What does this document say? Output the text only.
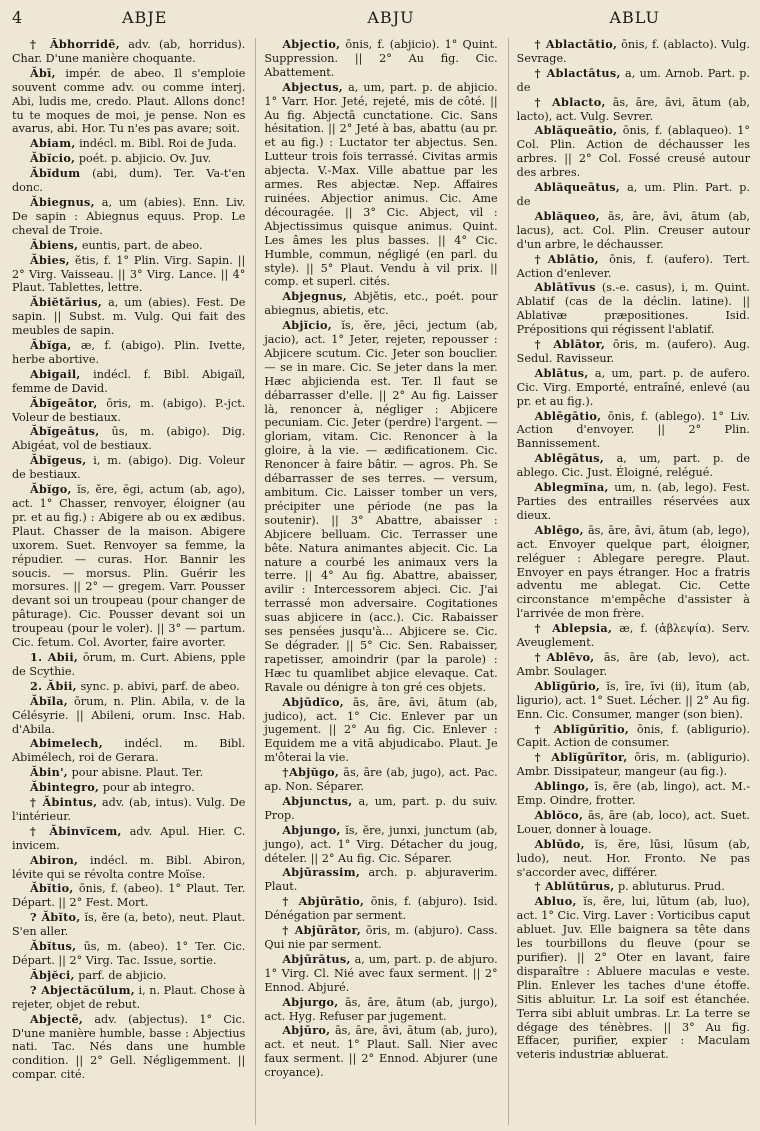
4	ABJE	ABJU	ABLU

† Ăbhorridē, adv. (ab, horridus). Char. D'une manière choquante.

Ăbī, impér. de abeo. Il s'emploie souvent comme adv. ou comme interj. Abi, ludis me, credo. Plaut. Allons donc! tu te moques de moi, je pense. Non es avarus, abi. Hor. Tu n'es pas avare; soit.

Abiam, indécl. m. Bibl. Roi de Juda.

Ăbĭcio, poét. p. abjicio. Ov. Juv.

Ăbĭdum (abi, dum). Ter. Va-t'en donc.

Ăbiegnus, a, um (abies). Enn. Liv. De sapin : Abiegnus equus. Prop. Le cheval de Troie.

Ăbiens, euntis, part. de abeo.

Ăbies, ĕtis, f. 1° Plin. Virg. Sapin. || 2° Virg. Vaisseau. || 3° Virg. Lance. || 4° Plaut. Tablettes, lettre.

Ăbiĕtārius, a, um (abies). Fest. De sapin. || Subst. m. Vulg. Qui fait des meubles de sapin.

Ăbĭga, æ, f. (abigo). Plin. Ivette, herbe abortive.

Abigail, indécl. f. Bibl. Abigaïl, femme de David.

Ăbĭgeātor, ōris, m. (abigo). P.-jct. Voleur de bestiaux.

Ăbĭgeātus, ūs, m. (abigo). Dig. Abigéat, vol de bestiaux.

Ăbĭgeus, i, m. (abigo). Dig. Voleur de bestiaux.

Ăbĭgo, ĭs, ĕre, ēgi, actum (ab, ago), act. 1° Chasser, renvoyer, éloigner (au pr. et au fig.) : Abigere ab ou ex ædibus. Plaut. Chasser de la maison. Abigere uxorem. Suet. Renvoyer sa femme, la répudier. — curas. Hor. Bannir les soucis. — morsus. Plin. Guérir les morsures. || 2° — gregem. Varr. Pousser devant soi un troupeau (pour changer de pâturage). Cic. Pousser devant soi un troupeau (pour le voler). || 3° — partum. Cic. fetum. Col. Avorter, faire avorter.

1. Abii, ōrum, m. Curt. Abiens, pple de Scythie.

2. Ăbii, sync. p. abivi, parf. de abeo.

Ăbĭla, ōrum, n. Plin. Abila, v. de la Célésyrie. || Abileni, orum. Insc. Hab. d'Abila.

Abimelech, indécl. m. Bibl. Abimélech, roi de Gerara.

Ăbin', pour abisne. Plaut. Ter.

Ăbintegro, pour ab integro.

† Ăbintus, adv. (ab, intus). Vulg. De l'intérieur.

† Ăbinvĭcem, adv. Apul. Hier. C. invicem.

Abiron, indécl. m. Bibl. Abiron, lévite qui se révolta contre Moïse.

Ăbĭtio, ōnis, f. (abeo). 1° Plaut. Ter. Départ. || 2° Fest. Mort.

? Ăbĭto, ĭs, ĕre (a, beto), neut. Plaut. S'en aller.

Ăbĭtus, ūs, m. (abeo). 1° Ter. Cic. Départ. || 2° Virg. Tac. Issue, sortie.

Ăbjĕci, parf. de abjicio.

? Abjectăcŭlum, i, n. Plaut. Chose à rejeter, objet de rebut.

Abjectē, adv. (abjectus). 1° Cic. D'une manière humble, basse : Abjectius nati. Tac. Nés dans une humble condition. || 2° Gell. Négligemment. || compar. cité.

Abjectio, ōnis, f. (abjicio). 1° Quint. Suppression. || 2° Au fig. Cic. Abattement.

Abjectus, a, um, part. p. de abjicio. 1° Varr. Hor. Jeté, rejeté, mis de côté. || Au fig. Abjectā cunctatione. Cic. Sans hésitation. || 2° Jeté à bas, abattu (au pr. et au fig.) : Luctator ter abjectus. Sen. Lutteur trois fois terrassé. Civitas armis abjecta. V.-Max. Ville abattue par les armes. Res abjectæ. Nep. Affaires ruinées. Abjectior animus. Cic. Ame découragée. || 3° Cic. Abject, vil : Abjectissimus quisque animus. Quint. Les âmes les plus basses. || 4° Cic. Humble, commun, négligé (en parl. du style). || 5° Plaut. Vendu à vil prix. || comp. et superl. cités.

Abjegnus, Abjĕtis, etc., poét. pour abiegnus, abietis, etc.

Abjĭcio, ĭs, ĕre, jēci, jectum (ab, jacio), act. 1° Jeter, rejeter, repousser : Abjicere scutum. Cic. Jeter son bouclier. — se in mare. Cic. Se jeter dans la mer. Hæc abjicienda est. Ter. Il faut se débarrasser d'elle. || 2° Au fig. Laisser là, renoncer à, négliger : Abjicere pecuniam. Cic. Jeter (perdre) l'argent. — gloriam, vitam. Cic. Renoncer à la gloire, à la vie. — ædificationem. Cic. Renoncer à faire bâtir. — agros. Ph. Se débarrasser de ses terres. — versum, ambitum. Cic. Laisser tomber un vers, précipiter une période (ne pas la soutenir). || 3° Abattre, abaisser : Abjicere belluam. Cic. Terrasser une bête. Natura animantes abjecit. Cic. La nature a courbé les animaux vers la terre. || 4° Au fig. Abattre, abaisser, avilir : Intercessorem abjeci. Cic. J'ai terrassé mon adversaire. Cogitationes suas abjicere in (acc.). Cic. Rabaisser ses pensées jusqu'à... Abjicere se. Cic. Se dégrader. || 5° Cic. Sen. Rabaisser, rapetisser, amoindrir (par la parole) : Hæc tu quamlibet abjice elevaque. Cat. Ravale ou dénigre à ton gré ces objets.

Abjūdĭco, ās, āre, āvi, ātum (ab, judico), act. 1° Cic. Enlever par un jugement. || 2° Au fig. Cic. Enlever : Equidem me a vitā abjudicabo. Plaut. Je m'ôterai la vie.

†Abjŭgo, ās, āre (ab, jugo), act. Pac. ap. Non. Séparer.

Abjunctus, a, um, part. p. du suiv. Prop.

Abjungo, ĭs, ĕre, junxi, junctum (ab, jungo), act. 1° Virg. Détacher du joug, dételer. || 2° Au fig. Cic. Séparer.

Abjūrassim, arch. p. abjuraverim. Plaut.

† Abjūrātio, ōnis, f. (abjuro). Isid. Dénégation par serment.

† Abjūrātor, ōris, m. (abjuro). Cass. Qui nie par serment.

Abjūrātus, a, um, part. p. de abjuro. 1° Virg. Cl. Nié avec faux serment. || 2° Ennod. Abjuré.

Abjurgo, ās, āre, ātum (ab, jurgo), act. Hyg. Refuser par jugement.

Abjūro, ās, āre, āvi, ātum (ab, juro), act. et neut. 1° Plaut. Sall. Nier avec faux serment. || 2° Ennod. Abjurer (une croyance).

† Ablactātio, ōnis, f. (ablacto). Vulg. Sevrage.

† Ablactātus, a, um. Arnob. Part. p. de

† Ablacto, ās, āre, āvi, ātum (ab, lacto), act. Vulg. Sevrer.

Ablăqueātio, ōnis, f. (ablaqueo). 1° Col. Plin. Action de déchausser les arbres. || 2° Col. Fossé creusé autour des arbres.

Ablăqueātus, a, um. Plin. Part. p. de

Ablăqueo, ās, āre, āvi, ātum (ab, lacus), act. Col. Plin. Creuser autour d'un arbre, le déchausser.

†Ablātio, ōnis, f. (aufero). Tert. Action d'enlever.

Ablātīvus (s.-e. casus), i, m. Quint. Ablatif (cas de la déclin. latine). || Ablativæ præpositiones. Isid. Prépositions qui régissent l'ablatif.

† Ablātor, ōris, m. (aufero). Aug. Sedul. Ravisseur.

Ablātus, a, um, part. p. de aufero. Cic. Virg. Emporté, entraîné, enlevé (au pr. et au fig.).

Ablēgātio, ōnis, f. (ablego). 1° Liv. Action d'envoyer. || 2° Plin. Bannissement.

Ablēgātus, a, um, part. p. de ablego. Cic. Just. Éloigné, relégué.

Ablegmĭna, um, n. (ab, lego). Fest. Parties des entrailles réservées aux dieux.

Ablēgo, ās, āre, āvi, ātum (ab, lego), act. Envoyer quelque part, éloigner, reléguer : Ablegare peregre. Plaut. Envoyer en pays étranger. Hoc a fratris adventu me ablegat. Cic. Cette circonstance m'empêche d'assister à l'arrivée de mon frère.

† Ablepsia, æ, f. (ἀβλεψία). Serv. Aveuglement.

†Ablēvo, ās, āre (ab, levo), act. Ambr. Soulager.

Ablĭgūrio, ĭs, īre, īvi (ii), ītum (ab, ligurio), act. 1° Suet. Lécher. || 2° Au fig. Enn. Cic. Consumer, manger (son bien).

† Ablĭgūrītio, ōnis, f. (abligurio). Capit. Action de consumer.

† Ablĭgūrītor, ōris, m. (abligurio). Ambr. Dissipateur, mangeur (au fig.).

Ablingo, ĭs, ĕre (ab, lingo), act. M.-Emp. Oindre, frotter.

Ablŏco, ās, āre (ab, loco), act. Suet. Louer, donner à louage.

Ablūdo, ĭs, ĕre, lūsi, lūsum (ab, ludo), neut. Hor. Fronto. Ne pas s'accorder avec, différer.

† Ablŭtūrus, p. abluturus. Prud.

Abluo, ĭs, ĕre, lui, lūtum (ab, luo), act. 1° Cic. Virg. Laver : Vorticibus caput abluet. Juv. Elle baignera sa tête dans les tourbillons du fleuve (pour se purifier). || 2° Oter en lavant, faire disparaître : Abluere maculas e veste. Plin. Enlever les taches d'une étoffe. Sitis abluitur. Lr. La soif est étanchée. Terra sibi abluit umbras. Lr. La terre se dégage des ténèbres. || 3° Au fig. Effacer, purifier, expier : Maculam veteris industriæ abluerat.
